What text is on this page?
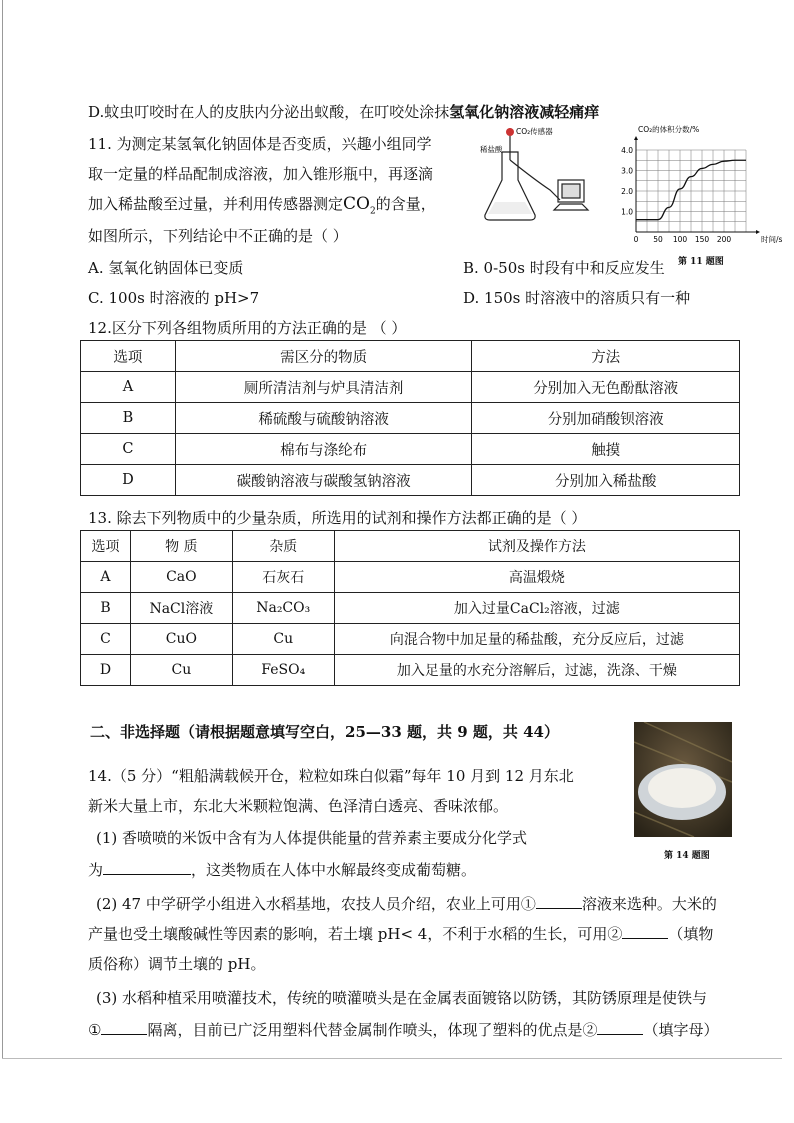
D.蚊虫叮咬时在人的皮肤内分泌出蚁酸，在叮咬处涂抹氢氧化钠溶液减轻痛痒
11. 为测定某氢氧化钠固体是否变质，兴趣小组同学
取一定量的样品配制成溶液，加入锥形瓶中，再逐滴
加入稀盐酸至过量，并利用传感器测定$CO_2$的含量，
如图所示，下列结论中不正确的是（ ）
A. 氢氧化钠固体已变质	B. 0-50s 时段有中和反应发生
C. 100s 时溶液的 pH>7	D. 150s 时溶液中的溶质只有一种
CO₂传感器
稀盐酸
CO₂的体积分数/%
0 50 100 150 200
1.0
2.0
3.0
4.0
时间/s
第 11 题图
12.区分下列各组物质所用的方法正确的是 （ ）
选项	需区分的物质	方法
A	厕所清洁剂与炉具清洁剂	分别加入无色酚酞溶液
B	稀硫酸与硫酸钠溶液	分别加硝酸钡溶液
C	棉布与涤纶布	触摸
D	碳酸钠溶液与碳酸氢钠溶液	分别加入稀盐酸
13. 除去下列物质中的少量杂质，所选用的试剂和操作方法都正确的是（ ）
选项	物 质	杂质	试剂及操作方法
A	CaO	石灰石	高温煅烧
B	NaCl溶液	Na₂CO₃	加入过量CaCl₂溶液，过滤
C	CuO	Cu	向混合物中加足量的稀盐酸，充分反应后，过滤
D	Cu	FeSO₄	加入足量的水充分溶解后，过滤，洗涤、干燥
二、非选择题（请根据题意填写空白，25—33 题，共 9 题，共 44）
第 14 题图
14.（5 分）“粗船满载候开仓，粒粒如珠白似霜”每年 10 月到 12 月东北
新米大量上市，东北大米颗粒饱满、色泽清白透亮、香味浓郁。
(1) 香喷喷的米饭中含有为人体提供能量的营养素主要成分化学式
为	，这类物质在人体中水解最终变成葡萄糖。
(2) 47 中学研学小组进入水稻基地，农技人员介绍，农业上可用①	溶液来选种。大米的
产量也受土壤酸碱性等因素的影响，若土壤 pH< 4，不利于水稻的生长，可用②	（填物
质俗称）调节土壤的 pH。
(3) 水稻种植采用喷灌技术，传统的喷灌喷头是在金属表面镀铬以防锈，其防锈原理是使铁与
①	隔离，目前已广泛用塑料代替金属制作喷头，体现了塑料的优点是②	（填字母）
